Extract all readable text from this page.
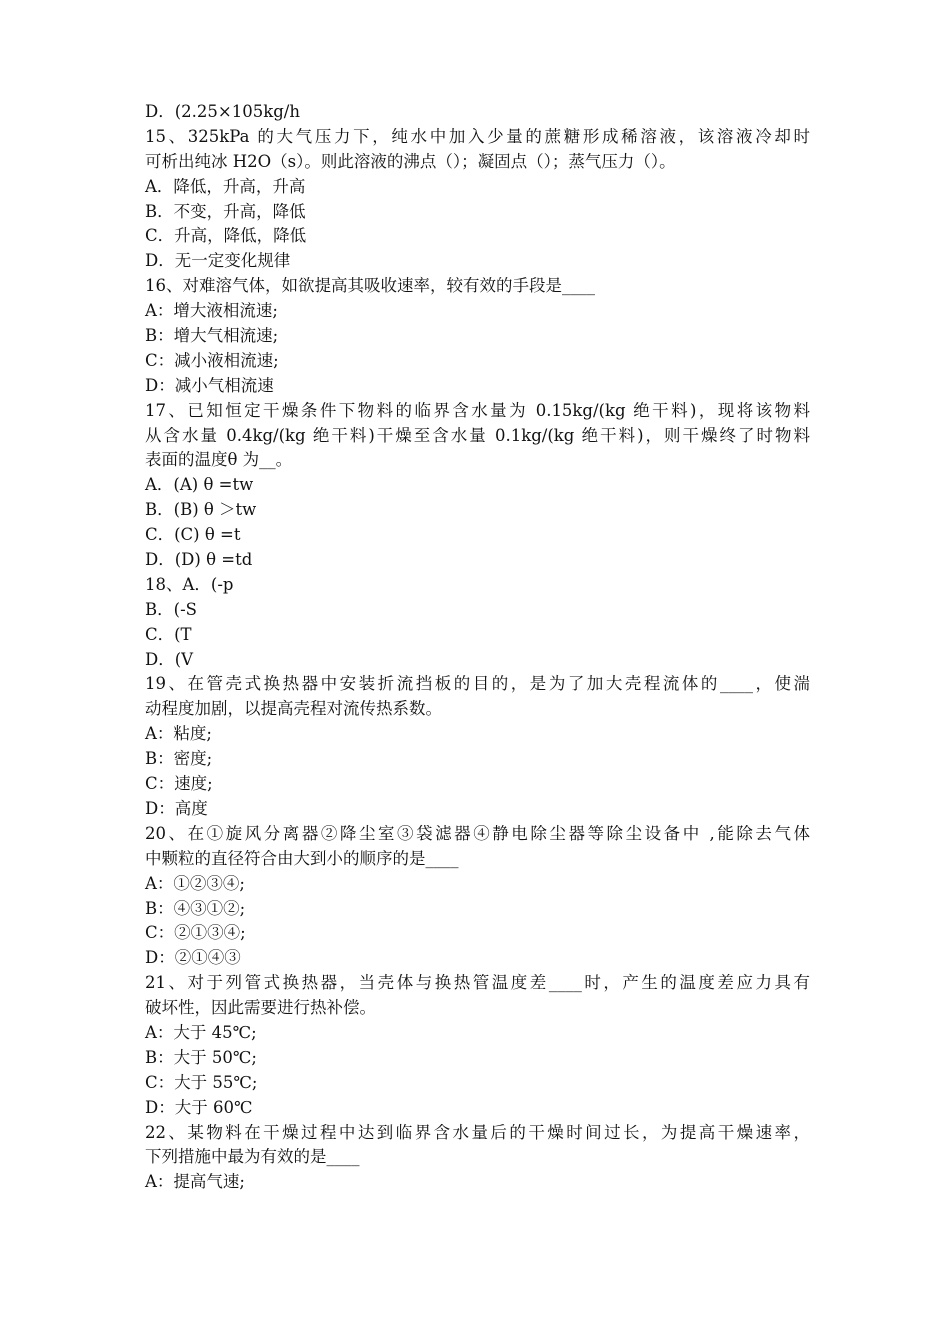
D．(2.25×105kg/h
15、325kPa 的大气压力下，纯水中加入少量的蔗糖形成稀溶液，该溶液冷却时
可析出纯冰 H2O（s）。则此溶液的沸点（）；凝固点（）；蒸气压力（）。
A．降低，升高，升高
B．不变，升高，降低
C．升高，降低，降低
D．无一定变化规律
16、对难溶气体，如欲提高其吸收速率，较有效的手段是____
A：增大液相流速;
B：增大气相流速;
C：减小液相流速;
D：减小气相流速
17、已知恒定干燥条件下物料的临界含水量为 0.15kg/(kg 绝干料)，现将该物料
从含水量 0.4kg/(kg 绝干料)干燥至含水量 0.1kg/(kg 绝干料)，则干燥终了时物料
表面的温度θ 为__。
A．(A) θ =tw
B．(B) θ ＞tw
C．(C) θ =t
D．(D) θ =td
18、A．(-p
B．(-S
C．(T
D．(V
19、在管壳式换热器中安装折流挡板的目的，是为了加大壳程流体的____，使湍
动程度加剧，以提高壳程对流传热系数。
A：粘度;
B：密度;
C：速度;
D：高度
20、在①旋风分离器②降尘室③袋滤器④静电除尘器等除尘设备中 ,能除去气体
中颗粒的直径符合由大到小的顺序的是____
A：①②③④;
B：④③①②;
C：②①③④;
D：②①④③
21、对于列管式换热器，当壳体与换热管温度差____时，产生的温度差应力具有
破坏性，因此需要进行热补偿。
A：大于 45℃;
B：大于 50℃;
C：大于 55℃;
D：大于 60℃
22、某物料在干燥过程中达到临界含水量后的干燥时间过长，为提高干燥速率，
下列措施中最为有效的是____
A：提高气速;
